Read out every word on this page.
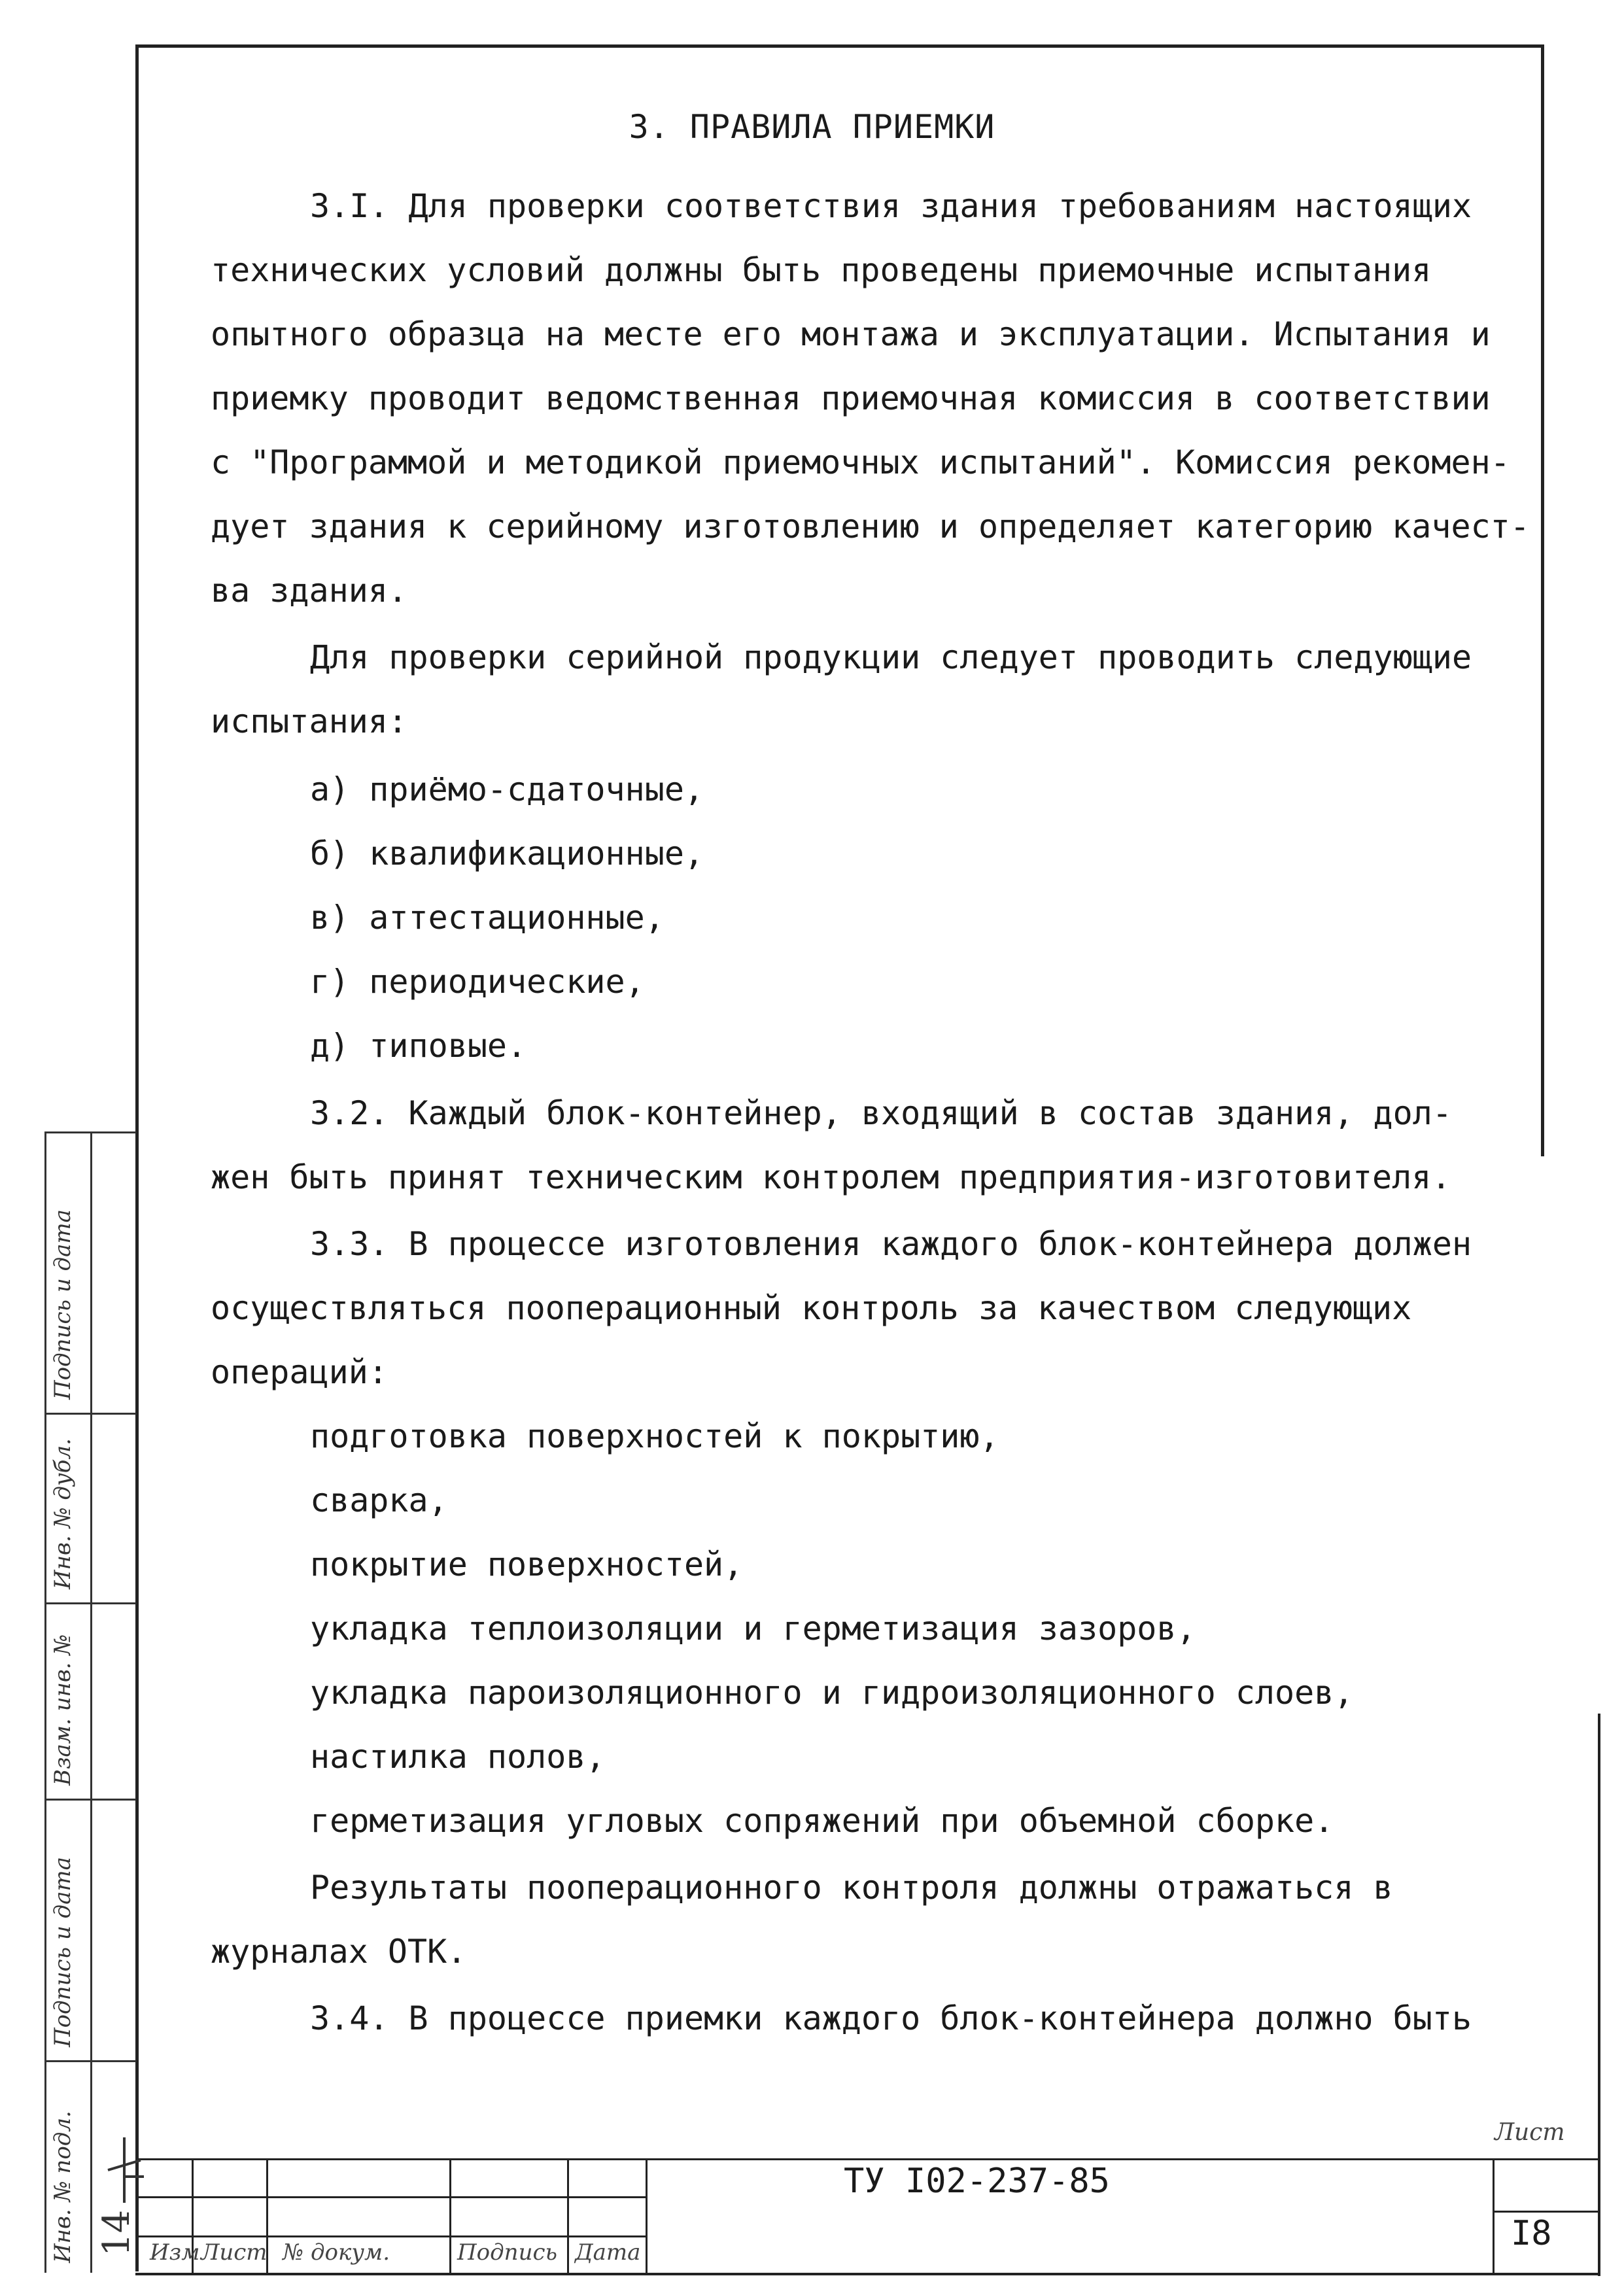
3. ПРАВИЛА ПРИЕМКИ
3.I. Для проверки соответствия здания требованиям настоящих
технических условий должны быть проведены приемочные испытания
опытного образца на месте его монтажа и эксплуатации. Испытания и
приемку проводит ведомственная приемочная комиссия в соответствии
с "Программой и методикой приемочных испытаний". Комиссия рекомен-
дует здания к серийному изготовлению и определяет категорию качест-
ва здания.
Для проверки серийной продукции следует проводить следующие
испытания:
а) приёмо-сдаточные,
б) квалификационные,
в) аттестационные,
г) периодические,
д) типовые.
3.2. Каждый блок-контейнер, входящий в состав здания, дол-
жен быть принят техническим контролем предприятия-изготовителя.
3.3. В процессе изготовления каждого блок-контейнера должен
осуществляться пооперационный контроль за качеством следующих
операций:
подготовка поверхностей к покрытию,
сварка,
покрытие поверхностей,
укладка теплоизоляции и герметизация зазоров,
укладка пароизоляционного и гидроизоляционного слоев,
настилка полов,
герметизация угловых сопряжений при объемной сборке.
Результаты пооперационного контроля должны отражаться в
журналах ОТК.
3.4. В процессе приемки каждого блок-контейнера должно быть
Подпись и дата
Инв. № дубл.
Взам. инв. №
Подпись и дата
Инв. № подл. 14 Изм Лист № докум.	Подпись Дата
ТУ I02-237-85
Лист
I8
